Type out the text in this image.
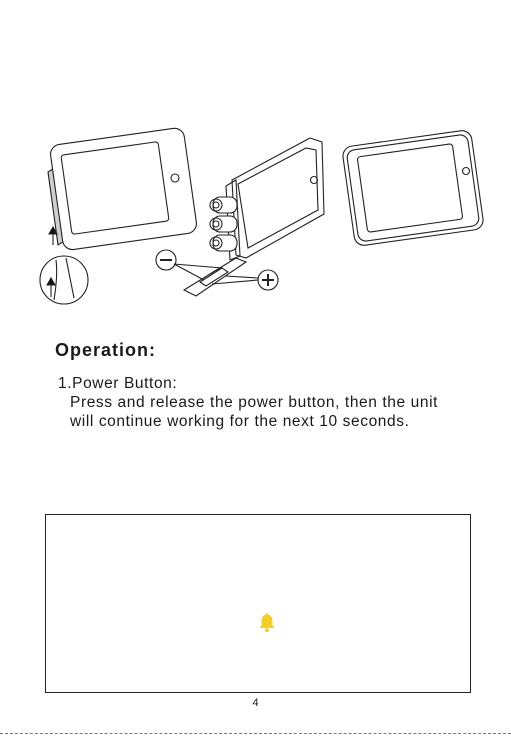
Operation:
1.Power Button:
Press and release the power button, then the unit
will continue working for the next 10 seconds.
4
